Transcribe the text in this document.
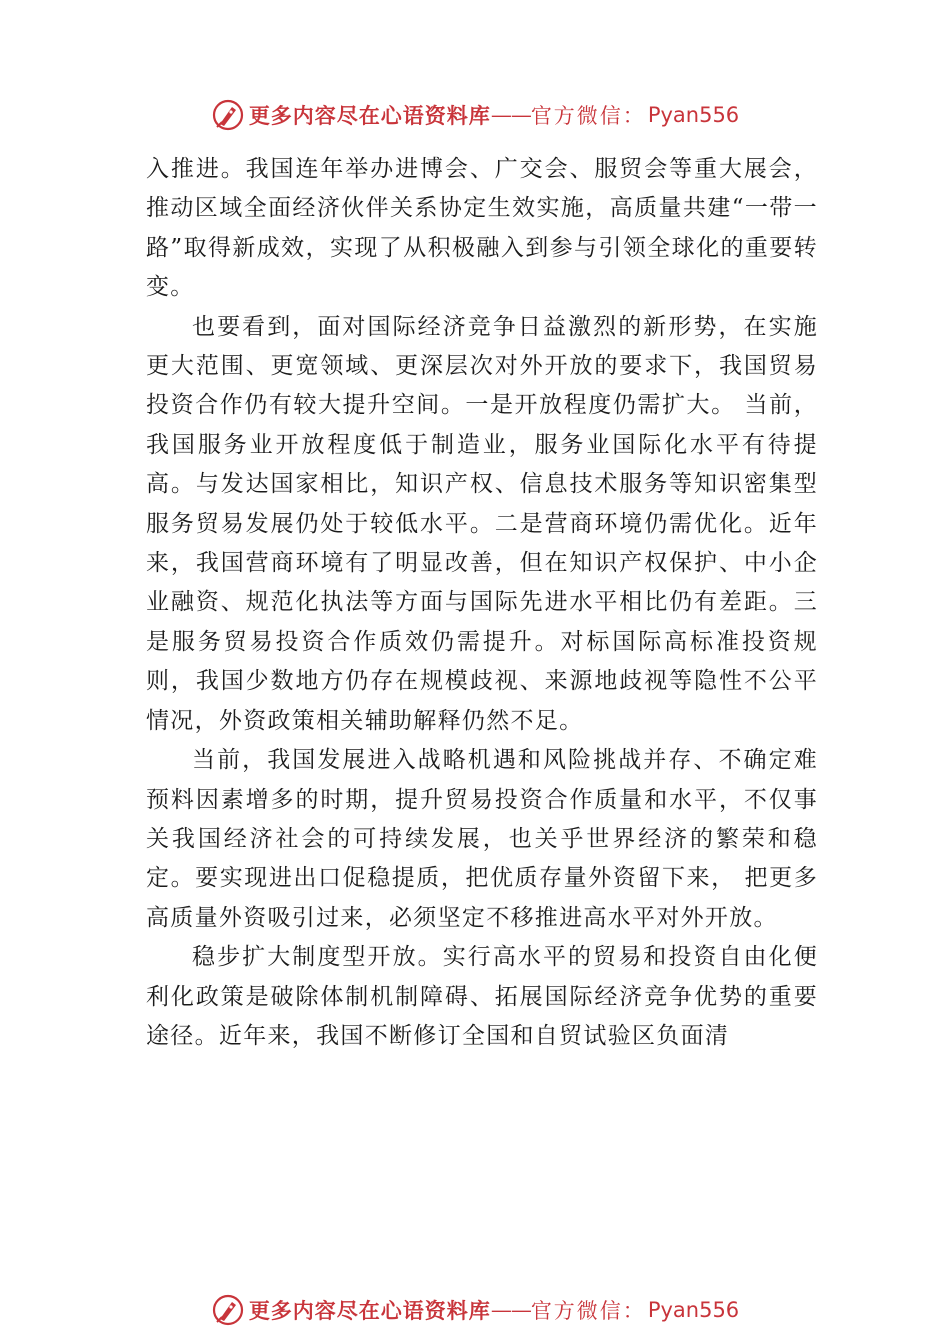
更多内容尽在心语资料库 —— 官方微信： Pyan556

入推进。我国连年举办进博会、广交会、服贸会等重大展会，推动区域全面经济伙伴关系协定生效实施，高质量共建“一带一路”取得新成效，实现了从积极融入到参与引领全球化的重要转变。

也要看到，面对国际经济竞争日益激烈的新形势，在实施更大范围、更宽领域、更深层次对外开放的要求下，我国贸易投资合作仍有较大提升空间。一是开放程度仍需扩大。 当前，我国服务业开放程度低于制造业，服务业国际化水平有待提高。与发达国家相比，知识产权、信息技术服务等知识密集型服务贸易发展仍处于较低水平。二是营商环境仍需优化。近年来，我国营商环境有了明显改善，但在知识产权保护、中小企业融资、规范化执法等方面与国际先进水平相比仍有差距。三是服务贸易投资合作质效仍需提升。对标国际高标准投资规则，我国少数地方仍存在规模歧视、来源地歧视等隐性不公平情况，外资政策相关辅助解释仍然不足。

当前，我国发展进入战略机遇和风险挑战并存、不确定难预料因素增多的时期，提升贸易投资合作质量和水平，不仅事关我国经济社会的可持续发展，也关乎世界经济的繁荣和稳定。要实现进出口促稳提质，把优质存量外资留下来， 把更多高质量外资吸引过来，必须坚定不移推进高水平对外开放。

稳步扩大制度型开放。实行高水平的贸易和投资自由化便利化政策是破除体制机制障碍、拓展国际经济竞争优势的重要途径。近年来，我国不断修订全国和自贸试验区负面清

更多内容尽在心语资料库 —— 官方微信： Pyan556
